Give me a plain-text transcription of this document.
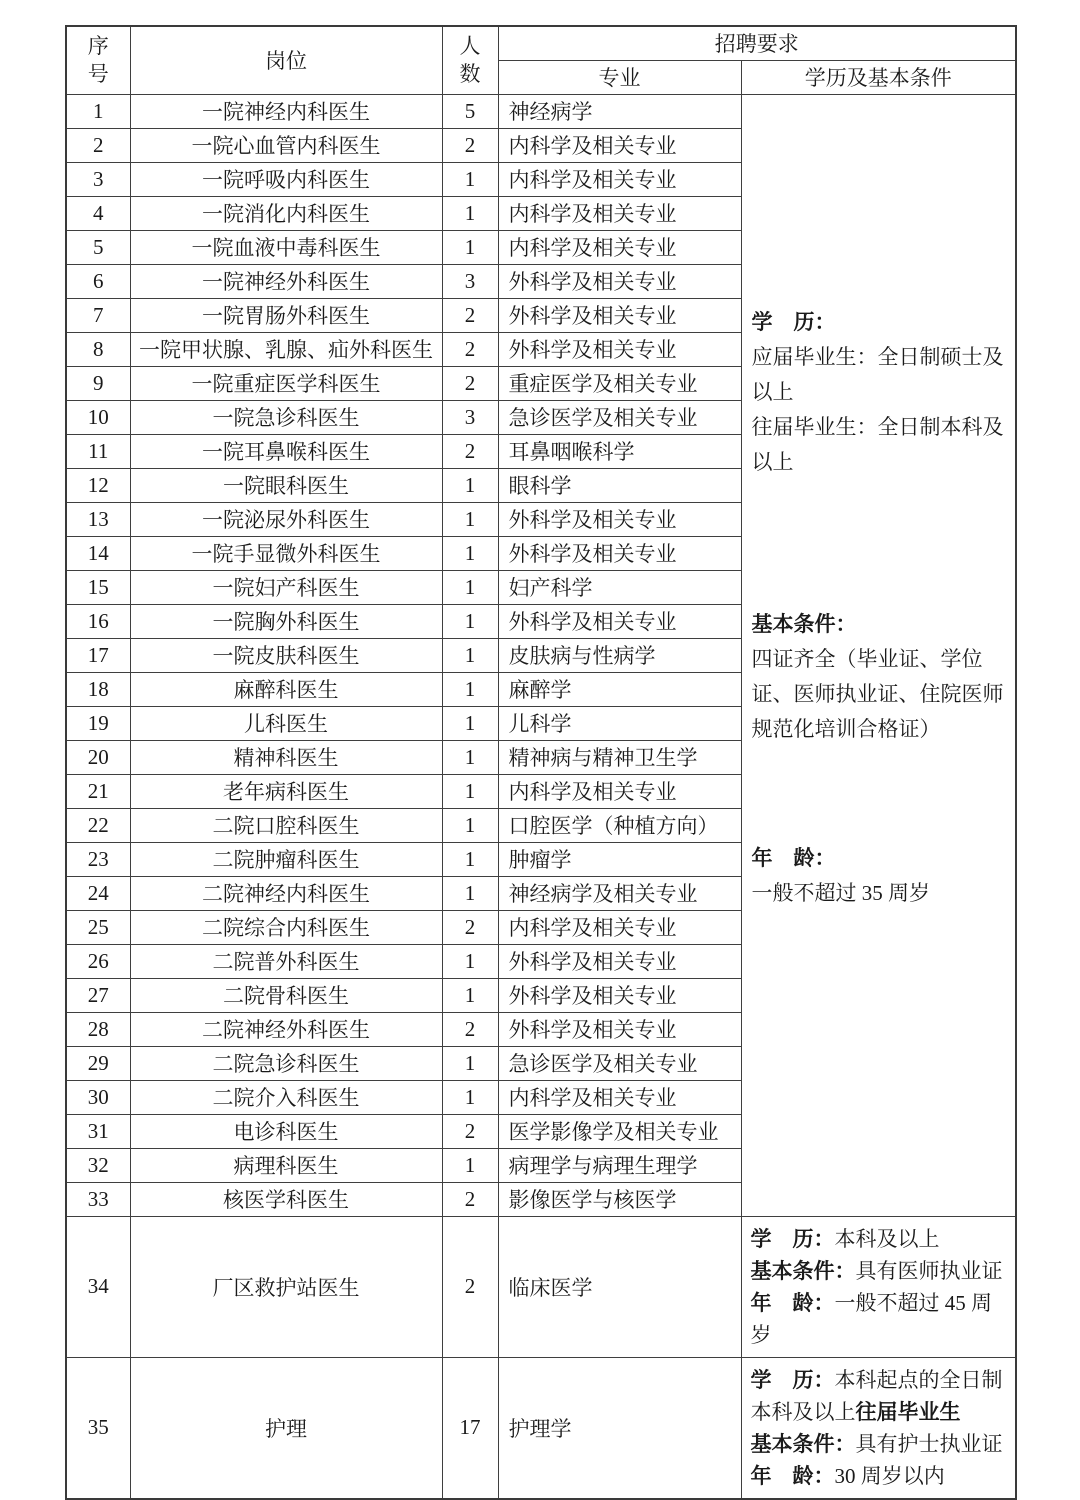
序号	岗位	人数	招聘要求	
			专业	学历及基本条件
1	一院神经内科医生	5	神经病学	
学　历：
应届毕业生：全日制硕士及以上
往届毕业生：全日制本科及以上
基本条件：
四证齐全（毕业证、学位证、医师执业证、住院医师规范化培训合格证）
年　龄：
一般不超过 35 周岁

2	一院心血管内科医生	2	内科学及相关专业	
3	一院呼吸内科医生	1	内科学及相关专业	
4	一院消化内科医生	1	内科学及相关专业	
5	一院血液中毒科医生	1	内科学及相关专业	
6	一院神经外科医生	3	外科学及相关专业	
7	一院胃肠外科医生	2	外科学及相关专业	
8	一院甲状腺、乳腺、疝外科医生	2	外科学及相关专业	
9	一院重症医学科医生	2	重症医学及相关专业	
10	一院急诊科医生	3	急诊医学及相关专业	
11	一院耳鼻喉科医生	2	耳鼻咽喉科学	
12	一院眼科医生	1	眼科学	
13	一院泌尿外科医生	1	外科学及相关专业	
14	一院手显微外科医生	1	外科学及相关专业	
15	一院妇产科医生	1	妇产科学	
16	一院胸外科医生	1	外科学及相关专业	
17	一院皮肤科医生	1	皮肤病与性病学	
18	麻醉科医生	1	麻醉学	
19	儿科医生	1	儿科学	
20	精神科医生	1	精神病与精神卫生学	
21	老年病科医生	1	内科学及相关专业	
22	二院口腔科医生	1	口腔医学（种植方向）	
23	二院肿瘤科医生	1	肿瘤学	
24	二院神经内科医生	1	神经病学及相关专业	
25	二院综合内科医生	2	内科学及相关专业	
26	二院普外科医生	1	外科学及相关专业	
27	二院骨科医生	1	外科学及相关专业	
28	二院神经外科医生	2	外科学及相关专业	
29	二院急诊科医生	1	急诊医学及相关专业	
30	二院介入科医生	1	内科学及相关专业	
31	电诊科医生	2	医学影像学及相关专业	
32	病理科医生	1	病理学与病理生理学	
33	核医学科医生	2	影像医学与核医学	
34	厂区救护站医生	2	临床医学	学　历：本科及以上
基本条件：具有医师执业证
年　龄：一般不超过 45 周岁

35	护理	17	护理学	学　历：本科起点的全日制本科及以上往届毕业生
基本条件：具有护士执业证
年　龄：30 周岁以内
